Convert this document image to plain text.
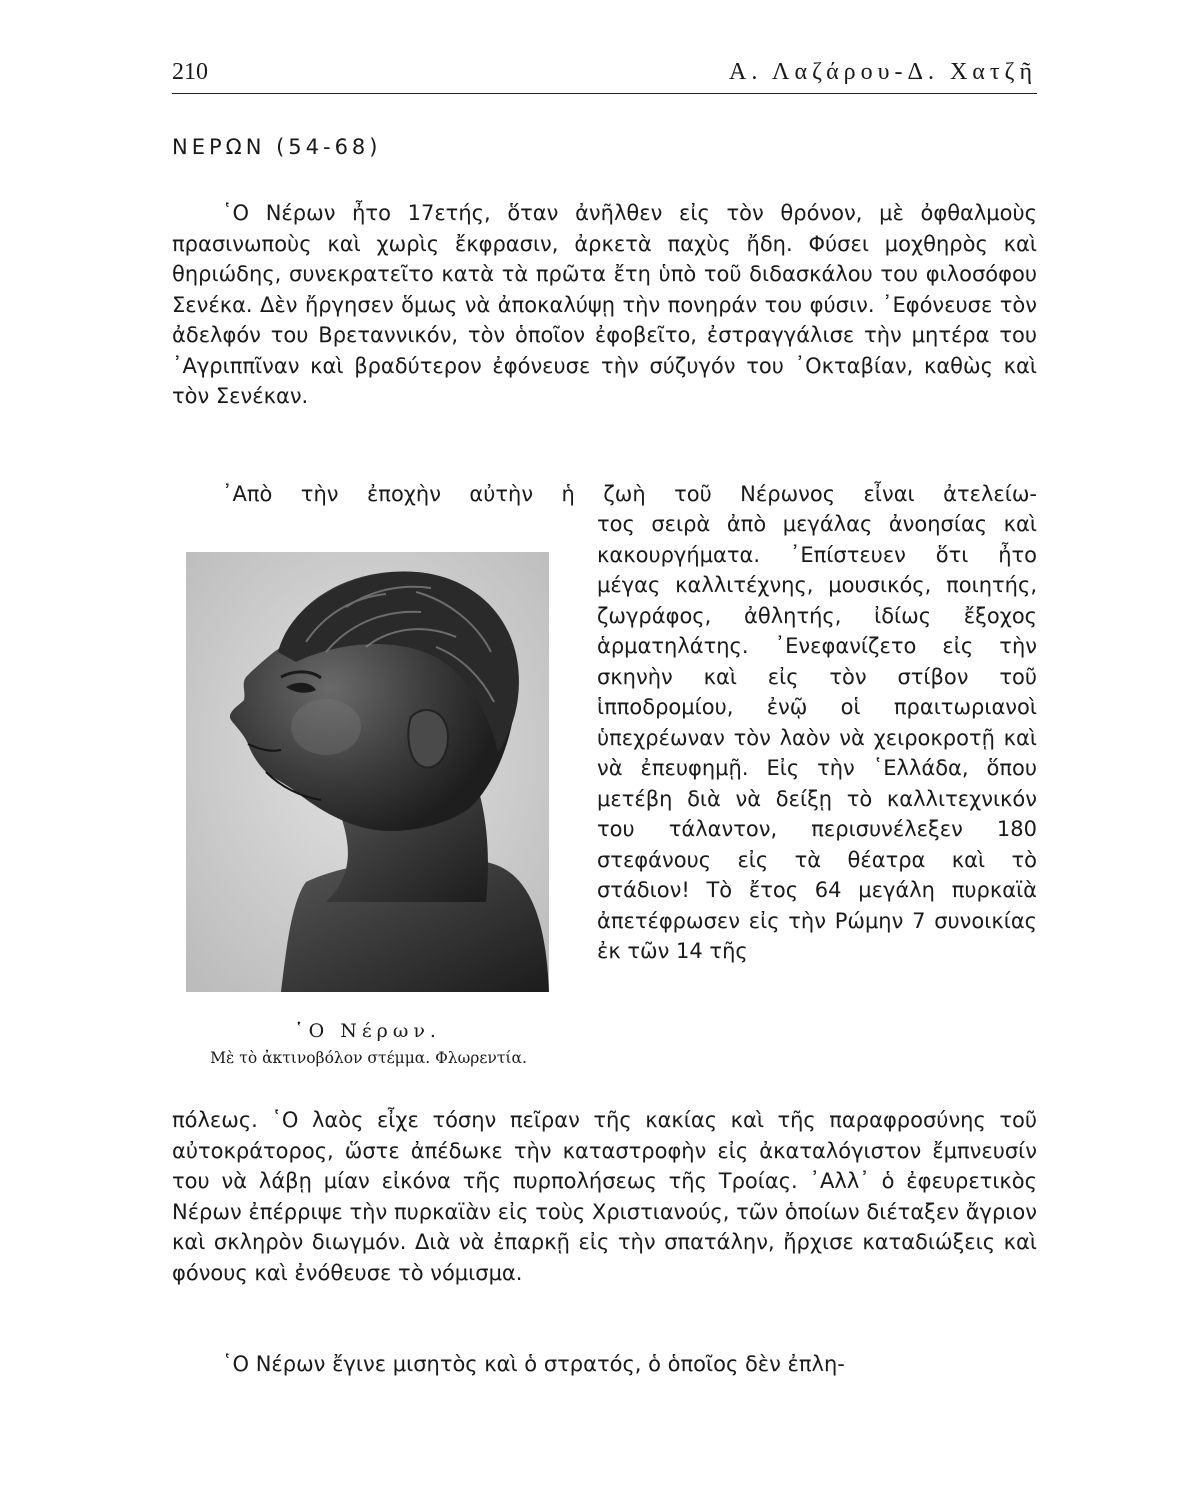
210	Α. Λαζάρου-Δ. Χατζῆ
ΝΕΡΩΝ (54-68)

῾Ο Νέρων ἦτο 17ετής, ὅταν ἀνῆλθεν εἰς τὸν θρόνον, μὲ ὀφθαλμοὺς πρασινωποὺς καὶ χωρὶς ἔκφρασιν, ἀρκετὰ παχὺς ἤδη. Φύσει μοχθηρὸς καὶ θηριώδης, συνεκρατεῖτο κατὰ τὰ πρῶτα ἔτη ὑπὸ τοῦ διδασκάλου του φιλοσόφου Σενέκα. Δὲν ἤργησεν ὅμως νὰ ἀποκαλύψῃ τὴν πονηράν του φύσιν. ᾿Εφόνευσε τὸν ἀδελφόν του Βρεταννικόν, τὸν ὁποῖον ἐφοβεῖτο, ἐστραγγάλισε τὴν μητέρα του ᾿Αγριππῖναν καὶ βραδύτερον ἐφόνευσε τὴν σύζυγόν του ᾿Οκταβίαν, καθὼς καὶ τὸν Σενέκαν.

᾿Απὸ τὴν ἐποχὴν αὐτὴν ἡ ζωὴ τοῦ Νέρωνος εἶναι ἀτελείω-

τος σειρὰ ἀπὸ μεγάλας ἀνοησίας καὶ κακουργήματα. ᾿Επίστευεν ὅτι ἦτο μέγας καλλιτέχνης, μουσικός, ποιητής, ζωγράφος, ἀθλητής, ἰδίως ἔξοχος ἁρματηλάτης. ᾿Ενεφανίζετο εἰς τὴν σκηνὴν καὶ εἰς τὸν στίβον τοῦ ἱπποδρομίου, ἐνῷ οἱ πραιτωριανοὶ ὑπεχρέωναν τὸν λαὸν νὰ χειροκροτῇ καὶ νὰ ἐπευφημῇ. Εἰς τὴν ῾Ελλάδα, ὅπου μετέβη διὰ νὰ δείξῃ τὸ καλλιτεχνικόν του τάλαντον, περισυνέλεξεν 180 στεφάνους εἰς τὰ θέατρα καὶ τὸ στάδιον! Τὸ ἔτος 64 μεγάλη πυρκαϊὰ ἀπετέφρωσεν εἰς τὴν Ρώμην 7 συνοικίας ἐκ τῶν 14 τῆς

῾Ο Νέρων.
Μὲ τὸ ἀκτινοβόλον στέμμα. Φλωρεντία.

πόλεως. ῾Ο λαὸς εἶχε τόσην πεῖραν τῆς κακίας καὶ τῆς παραφροσύνης τοῦ αὐτοκράτορος, ὥστε ἀπέδωκε τὴν καταστροφὴν εἰς ἀκαταλόγιστον ἔμπνευσίν του νὰ λάβῃ μίαν εἰκόνα τῆς πυρπολήσεως τῆς Τροίας. ᾿Αλλ᾿ ὁ ἐφευρετικὸς Νέρων ἐπέρριψε τὴν πυρκαϊὰν εἰς τοὺς Χριστιανούς, τῶν ὁποίων διέταξεν ἄγριον καὶ σκληρὸν διωγμόν. Διὰ νὰ ἐπαρκῇ εἰς τὴν σπατάλην, ἤρχισε καταδιώξεις καὶ φόνους καὶ ἐνόθευσε τὸ νόμισμα.

῾Ο Νέρων ἔγινε μισητὸς καὶ ὁ στρατός, ὁ ὁποῖος δὲν ἐπλη-
